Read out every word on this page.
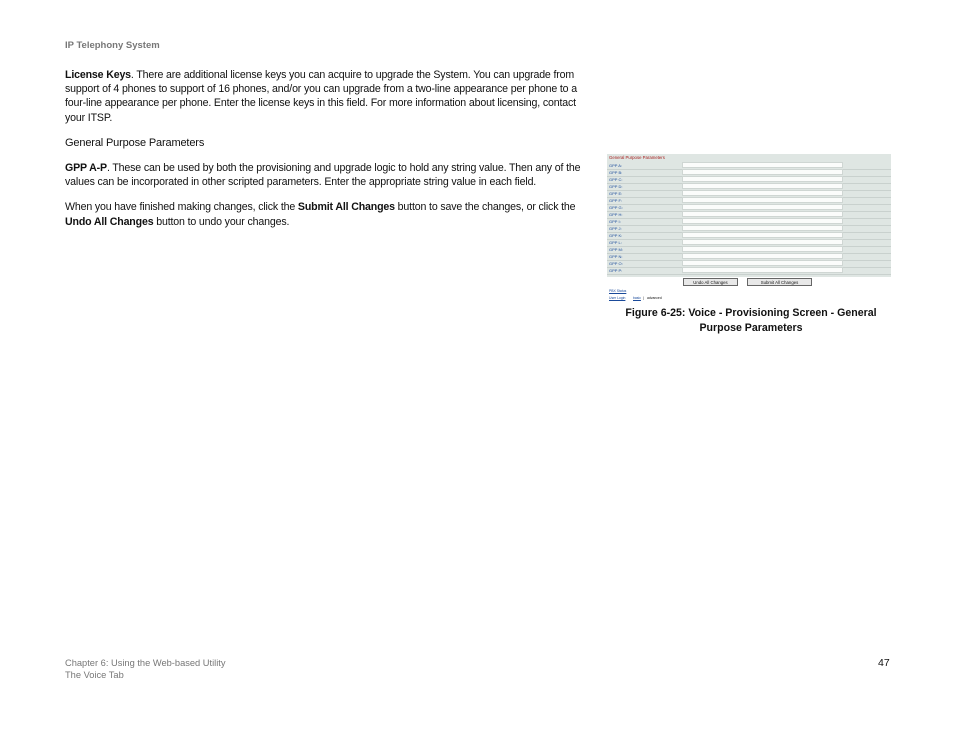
IP Telephony System

License Keys. There are additional license keys you can acquire to upgrade the System. You can upgrade from support of 4 phones to support of 16 phones, and/or you can upgrade from a two-line appearance per phone to a four-line appearance per phone. Enter the license keys in this field. For more information about licensing, contact your ITSP.

General Purpose Parameters

GPP A-P. These can be used by both the provisioning and upgrade logic to hold any string value. Then any of the values can be incorporated in other scripted parameters. Enter the appropriate string value in each field.

When you have finished making changes, click the Submit All Changes button to save the changes, or click the Undo All Changes button to undo your changes.

General Purpose Parameters
GPP A:
GPP B:
GPP C:
GPP D:
GPP E:
GPP F:
GPP G:
GPP H:
GPP I:
GPP J:
GPP K:
GPP L:
GPP M:
GPP N:
GPP O:
GPP P:
Undo All Changes	Submit All Changes
PBX Status
User Login basic | advanced
Figure 6-25: Voice - Provisioning Screen - General
Purpose Parameters
Chapter 6: Using the Web-based Utility
The Voice Tab
47
